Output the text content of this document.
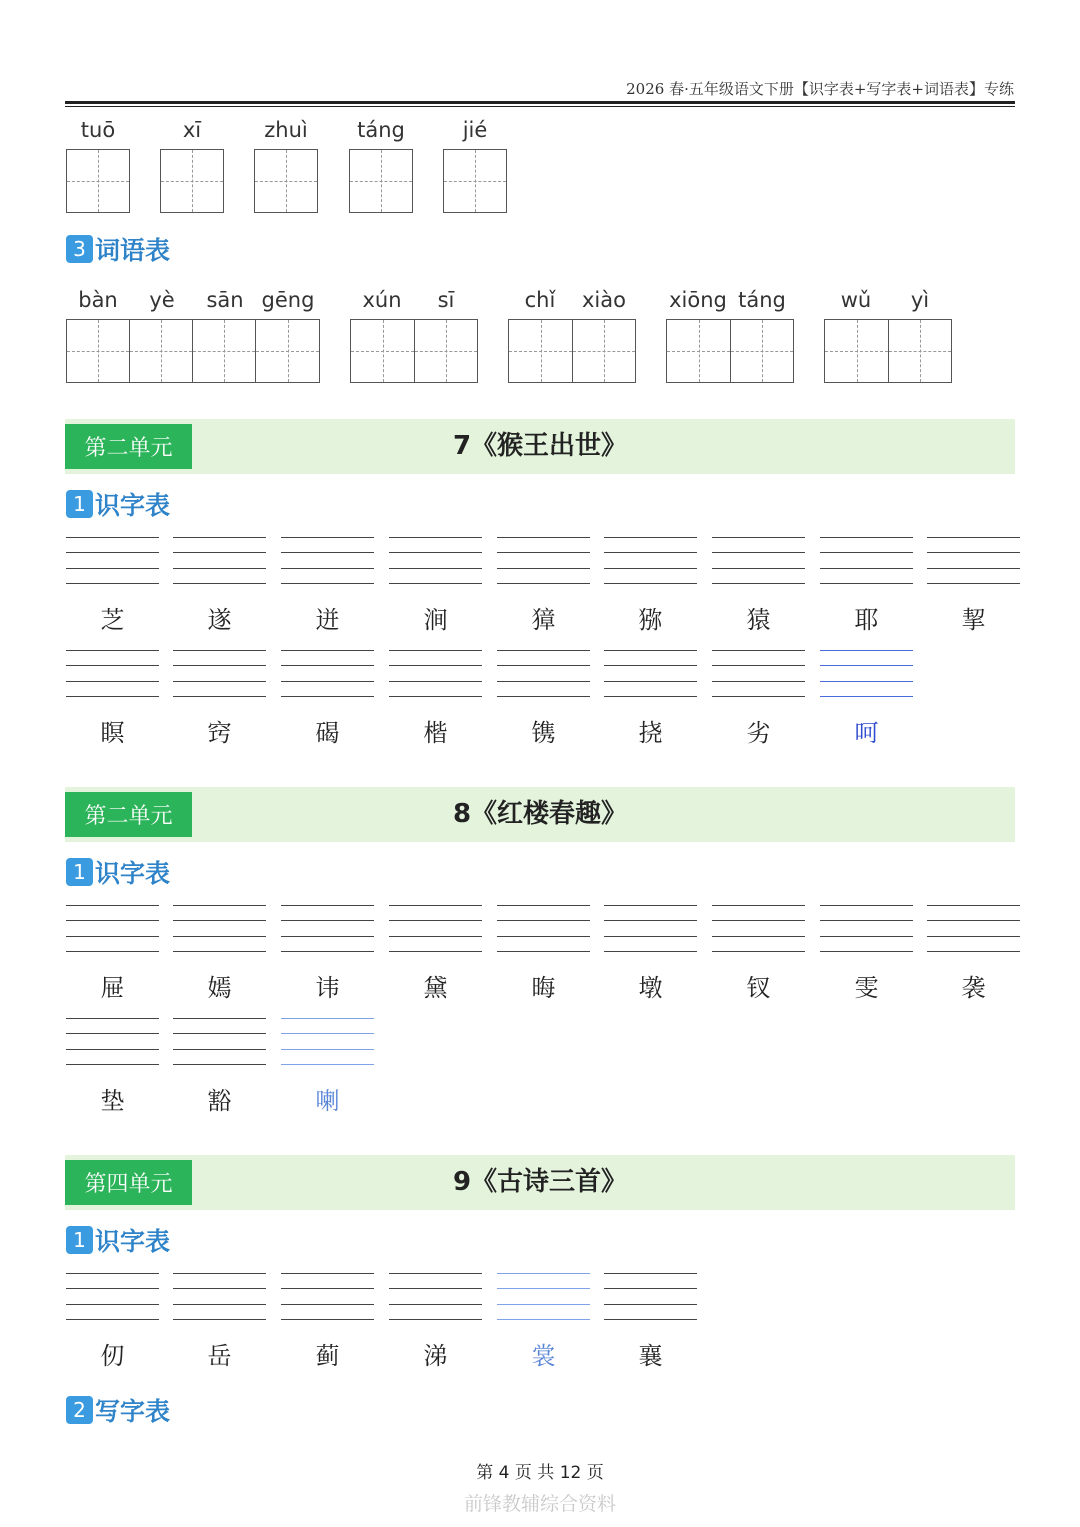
2026 春·五年级语文下册【识字表+写字表+词语表】专练
tuō	xī	zhuì	táng	jié
3 词语表
bàn	yè	sān gēng	xún	sī	chǐ	xiào	xiōng táng	wǔ	yì
7《猴王出世》
第二单元
1 识字表
芝	遂	迸	涧	獐	猕	猿	耶	挈
瞑	窍	碣	楷	镌	挠	劣	呵
8《红楼春趣》
第二单元
1 识字表
屉	嫣	讳	黛	晦	墩	钗	雯	袭
垫	豁	喇
9《古诗三首》
第四单元
1 识字表
仞	岳	蓟	涕	裳	襄
2 写字表
第 4 页 共 12 页
前锋教辅综合资料
